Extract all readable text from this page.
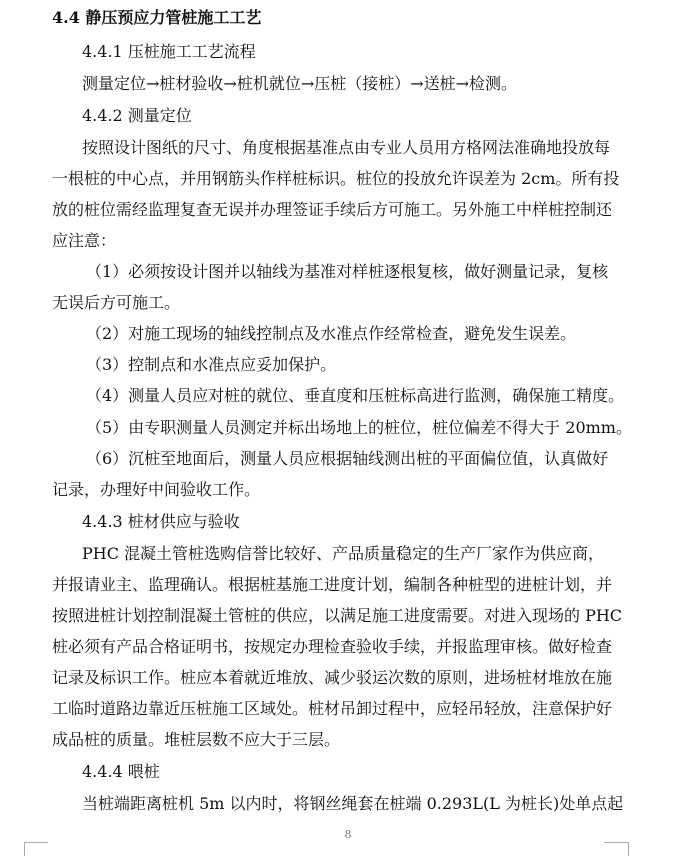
4.4 静压预应力管桩施工工艺
4.4.1 压桩施工工艺流程
测量定位→桩材验收→桩机就位→压桩（接桩）→送桩→检测。
4.4.2 测量定位
按照设计图纸的尺寸、角度根据基准点由专业人员用方格网法准确地投放每
一根桩的中心点，并用钢筋头作样桩标识。桩位的投放允许误差为 2cm。所有投
放的桩位需经监理复查无误并办理签证手续后方可施工。另外施工中样桩控制还
应注意：
（1）必须按设计图并以轴线为基准对样桩逐根复核，做好测量记录，复核
无误后方可施工。
（2）对施工现场的轴线控制点及水准点作经常检查，避免发生误差。
（3）控制点和水准点应妥加保护。
（4）测量人员应对桩的就位、垂直度和压桩标高进行监测，确保施工精度。
（5）由专职测量人员测定并标出场地上的桩位，桩位偏差不得大于 20mm。
（6）沉桩至地面后，测量人员应根据轴线测出桩的平面偏位值，认真做好
记录，办理好中间验收工作。
4.4.3 桩材供应与验收
PHC 混凝土管桩选购信誉比较好、产品质量稳定的生产厂家作为供应商，
并报请业主、监理确认。根据桩基施工进度计划，编制各种桩型的进桩计划，并
按照进桩计划控制混凝土管桩的供应，以满足施工进度需要。对进入现场的 PHC
桩必须有产品合格证明书，按规定办理检查验收手续，并报监理审核。做好检查
记录及标识工作。桩应本着就近堆放、减少驳运次数的原则，进场桩材堆放在施
工临时道路边靠近压桩施工区域处。桩材吊卸过程中，应轻吊轻放，注意保护好
成品桩的质量。堆桩层数不应大于三层。
4.4.4 喂桩
当桩端距离桩机 5m 以内时，将钢丝绳套在桩端 0.293L(L 为桩长)处单点起
8
